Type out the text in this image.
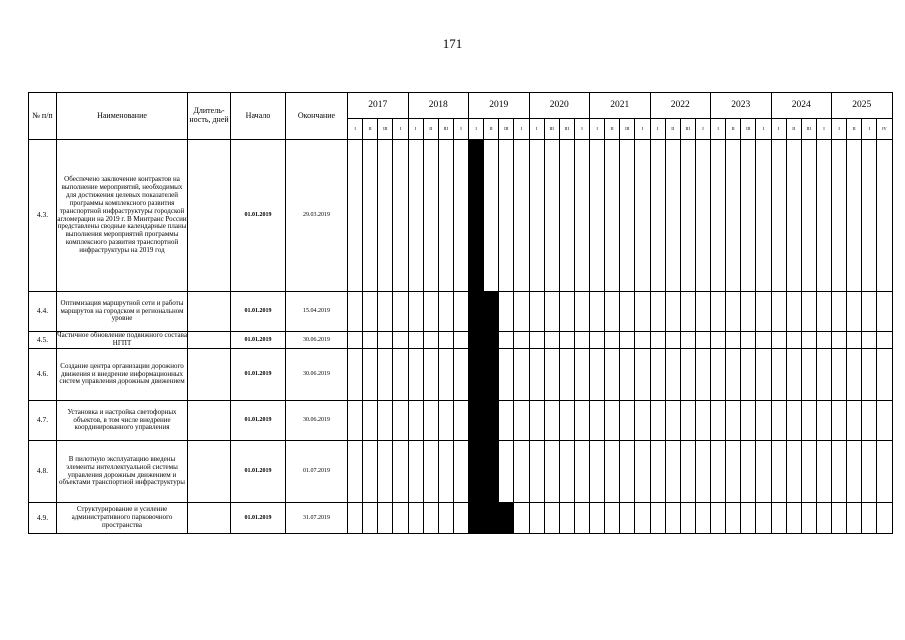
171
№ п/п	Наименование	Длитель-ность, дней	Начало	Окончание	2017				2018				2019				2020				2021				2022				2023				2024				2025			
					I	II	III	I	I	II	III	I	I	II	III	I	I	III	III	I	I	II	III	I	I	II	III	I	I	II	III	I	I	II	III	I	I	II	I	IV
4.3.	Обеспечено заключение контрактов на выполнение мероприятий, необходимых для достижения целевых показателей программы комплексного развития транспортной инфраструктуры городской агломерации на 2019 г. В Минтранс России представлены сводные календарные планы выполнения мероприятий программы комплексного развития транспортной инфраструктуры на 2019 год		01.01.2019	29.03.2019																																				
4.4.	Оптимизация маршрутной сети и работы маршрутов на городском и региональном уровне		01.01.2019	15.04.2019																																				
4.5.	Частичное обновление подвижного состава НГПТ		01.01.2019	30.06.2019																																				
4.6.	Создание центра организации дорожного движения и внедрение информационных систем управления дорожным движением		01.01.2019	30.06.2019																																				
4.7.	Установка и настройка светофорных объектов, в том числе внедрение координированного управления		01.01.2019	30.06.2019																																				
4.8.	В пилотную эксплуатацию введены элементы интеллектуальной системы управления дорожным движением и объектами транспортной инфраструктуры		01.01.2019	01.07.2019																																				
4.9.	Структурирование и усиление административного парковочного пространства		01.01.2019	31.07.2019																																				
